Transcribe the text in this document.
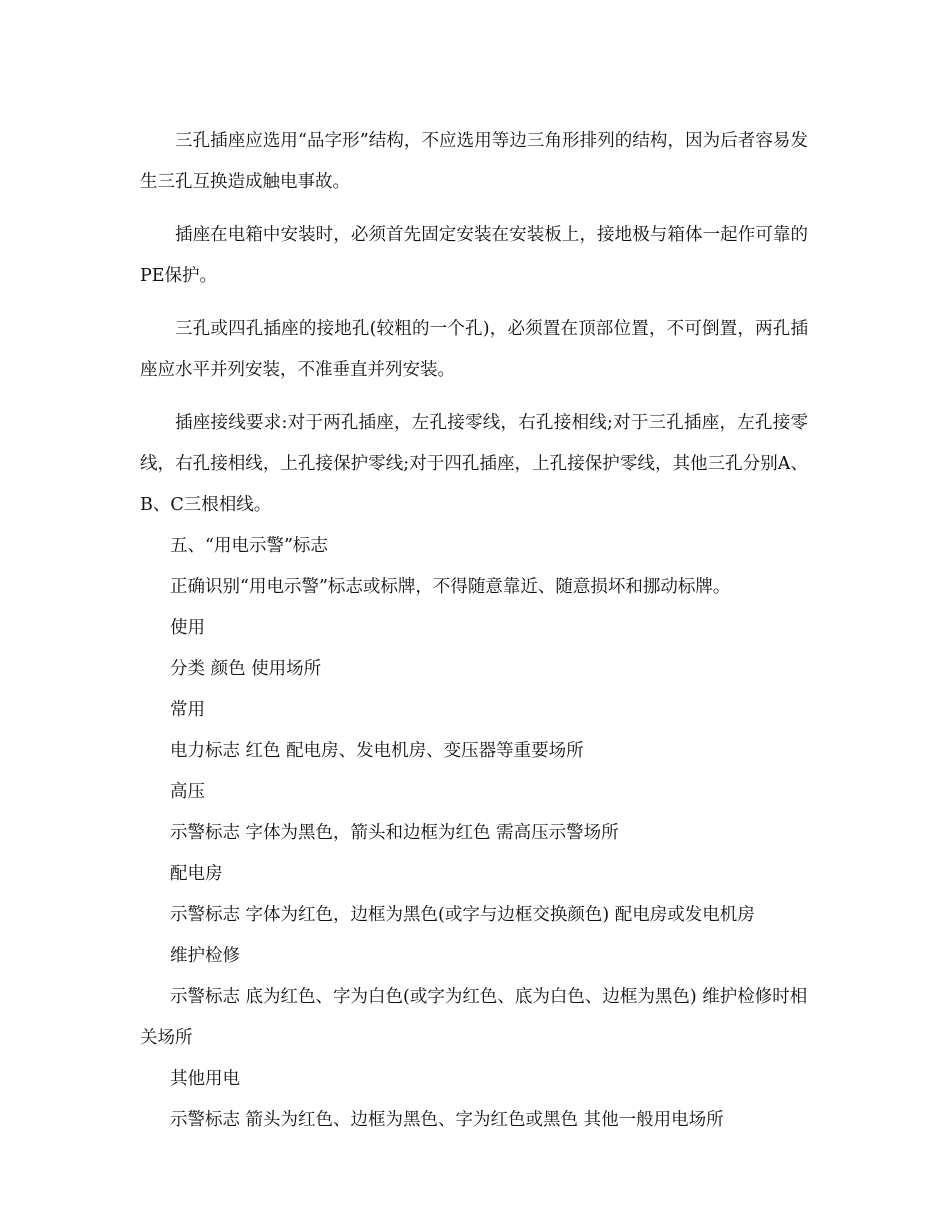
三孔插座应选用“品字形”结构，不应选用等边三角形排列的结构，因为后者容易发生三孔互换造成触电事故。

插座在电箱中安装时，必须首先固定安装在安装板上，接地极与箱体一起作可靠的PE保护。

三孔或四孔插座的接地孔(较粗的一个孔)，必须置在顶部位置，不可倒置，两孔插座应水平并列安装，不准垂直并列安装。

插座接线要求:对于两孔插座，左孔接零线，右孔接相线;对于三孔插座，左孔接零线，右孔接相线，上孔接保护零线;对于四孔插座，上孔接保护零线，其他三孔分别A、B、C三根相线。

五、“用电示警”标志

正确识别“用电示警”标志或标牌，不得随意靠近、随意损坏和挪动标牌。

使用

分类 颜色 使用场所

常用

电力标志 红色 配电房、发电机房、变压器等重要场所

高压

示警标志 字体为黑色，箭头和边框为红色 需高压示警场所

配电房

示警标志 字体为红色，边框为黑色(或字与边框交换颜色) 配电房或发电机房

维护检修

示警标志 底为红色、字为白色(或字为红色、底为白色、边框为黑色) 维护检修时相关场所

其他用电

示警标志 箭头为红色、边框为黑色、字为红色或黑色 其他一般用电场所
